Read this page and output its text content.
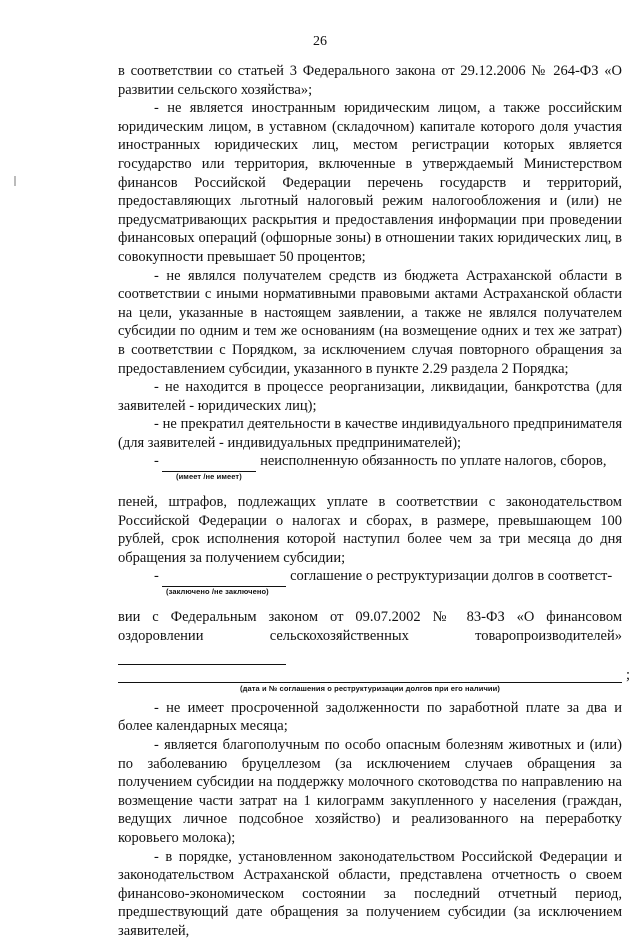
26

в соответствии со статьей 3 Федерального закона от 29.12.2006 № 264-ФЗ «О развитии сельского хозяйства»;

- не является иностранным юридическим лицом, а также российским юридическим лицом, в уставном (складочном) капитале которого доля участия иностранных юридических лиц, местом регистрации которых является государство или территория, включенные в утверждаемый Министерством финансов Российской Федерации перечень государств и территорий, предоставляющих льготный налоговый режим налогообложения и (или) не предусматривающих раскрытия и предоставления информации при проведении финансовых операций (офшорные зоны) в отношении таких юридических лиц, в совокупности превышает 50 процентов;

- не являлся получателем средств из бюджета Астраханской области в соответствии с иными нормативными правовыми актами Астраханской области на цели, указанные в настоящем заявлении, а также не являлся получателем субсидии по одним и тем же основаниям (на возмещение одних и тех же затрат) в соответствии с Порядком, за исключением случая повторного обращения за предоставлением субсидии, указанного в пункте 2.29 раздела 2 Порядка;

- не находится в процессе реорганизации, ликвидации, банкротства (для заявителей - юридических лиц);

- не прекратил деятельности в качестве индивидуального предпринимателя (для заявителей - индивидуальных предпринимателей);

-	неисполненную обязанность по уплате налогов, сборов,

(имеет /не имеет)

пеней, штрафов, подлежащих уплате в соответствии с законодательством Российской Федерации о налогах и сборах, в размере, превышающем 100 рублей, срок исполнения которой наступил более чем за три месяца до дня обращения за получением субсидии;

-	соглашение о реструктуризации долгов в соответст-

(заключено /не заключено)

вии с Федеральным законом от 09.07.2002 № 83-ФЗ «О финансовом оздоровлении сельскохозяйственных товаропроизводителей»

;
(дата и № соглашения о реструктуризации долгов при его наличии)

- не имеет просроченной задолженности по заработной плате за два и более календарных месяца;

- является благополучным по особо опасным болезням животных и (или) по заболеванию бруцеллезом (за исключением случаев обращения за получением субсидии на поддержку молочного скотоводства по направлению на возмещение части затрат на 1 килограмм закупленного у населения (граждан, ведущих личное подсобное хозяйство) и реализованного на переработку коровьего молока);

- в порядке, установленном законодательством Российской Федерации и законодательством Астраханской области, представлена отчетность о своем финансово-экономическом состоянии за последний отчетный период, предшествующий дате обращения за получением субсидии (за исключением заявителей,
